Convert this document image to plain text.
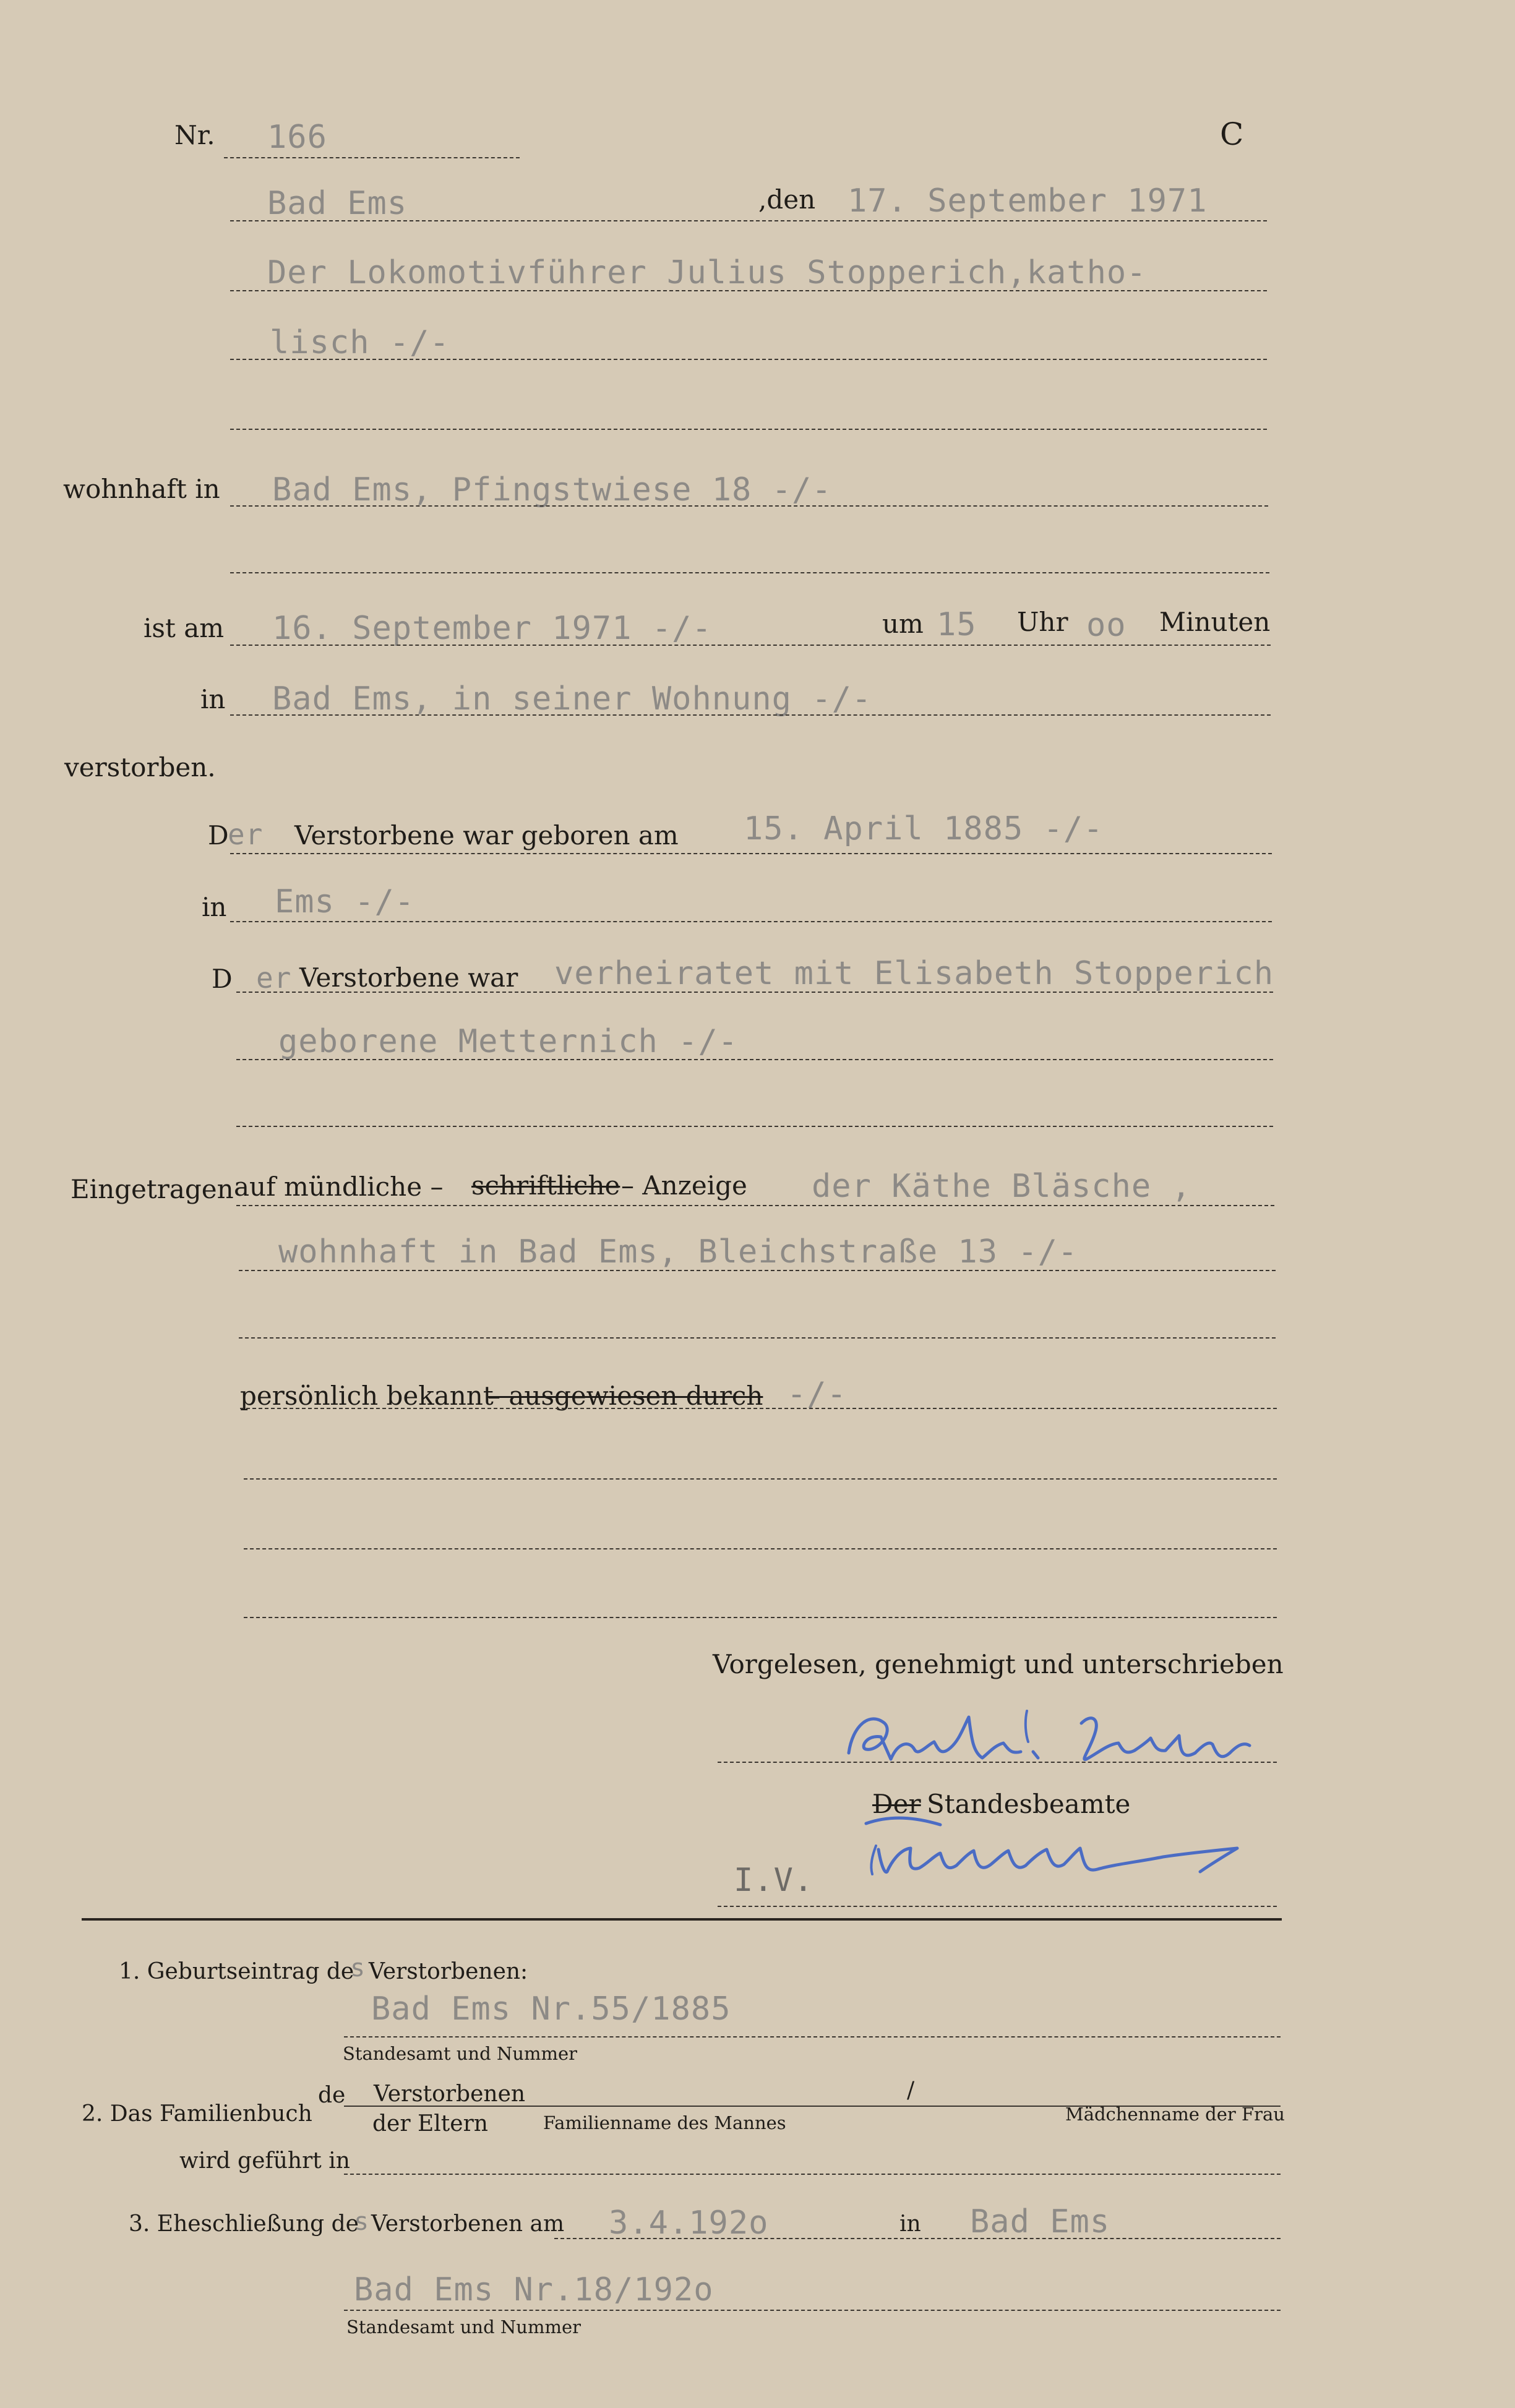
Nr. 166	C
Bad Ems	,den 17. September 1971
Der Lokomotivführer Julius Stopperich,katho-
lisch -/-
wohnhaft in Bad Ems, Pfingstwiese 18 -/-
ist am 16. September 1971 -/-	um 15 Uhr oo Minuten
in Bad Ems, in seiner Wohnung -/-
verstorben.
D
er Verstorbene war geboren am 15. April 1885 -/-
in Ems -/-
D er Verstorbene war verheiratet mit Elisabeth Stopperich
geborene Metternich -/-
Eingetragen auf mündliche – schriftliche – Anzeige der Käthe Bläsche ,
wohnhaft in Bad Ems, Bleichstraße 13 -/-
persönlich bekannt
– ausgewiesen durch -/-
Vorgelesen, genehmigt und unterschrieben
Der Standesbeamte
I.V.
1. Geburtseintrag de
s Verstorbenen:
Bad Ems Nr.55/1885
Standesamt und Nummer
2. Das Familienbuch
de Verstorbenen
der Eltern	Familienname des Mannes
/
Mädchenname der Frau
wird geführt in
3. Eheschließung de
s Verstorbenen am 3.4.192o	in Bad Ems
Bad Ems Nr.18/192o
Standesamt und Nummer
